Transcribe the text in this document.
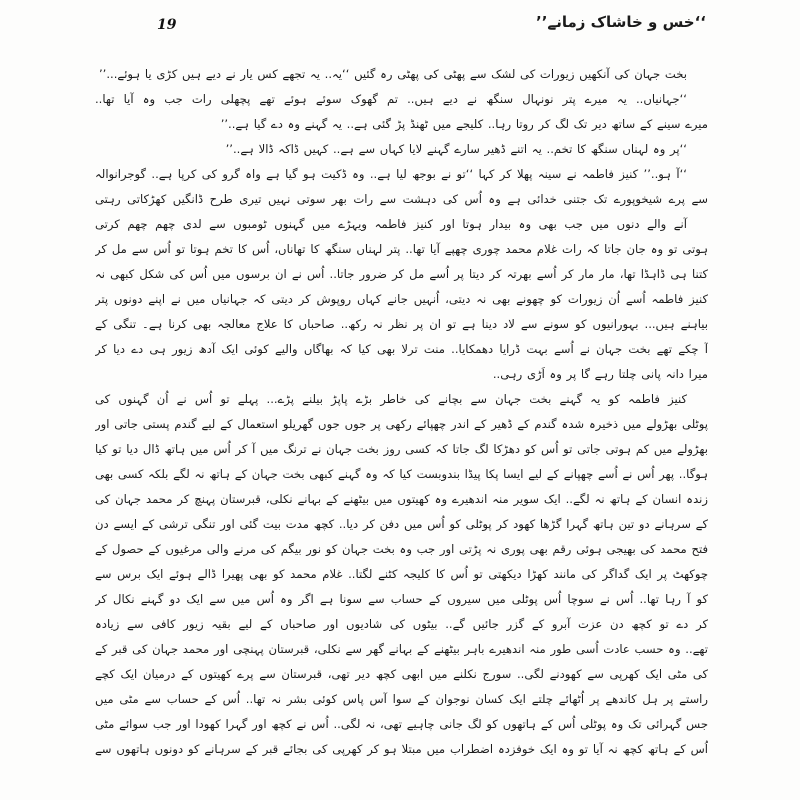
‘‘خس و خاشاک زمانے’’
19
بخت جہان کی آنکھیں زیورات کی لشک سے پھٹی کی پھٹی رہ گئیں ‘‘یہ.. یہ تجھے کس یار نے دیے ہیں کڑی یا ہوئے...’’
‘‘جہانیاں.. یہ میرے پتر نونہال سنگھ نے دیے ہیں.. تم گھوک سوئے ہوئے تھے پچھلی رات جب وہ آیا تھا..
میرے سینے کے ساتھ دیر تک لگ کر روتا رہا.. کلیجے میں ٹھنڈ پڑ گئی ہے.. یہ گہنے وہ دے گیا ہے..’’
‘‘پر وہ لہناں سنگھ کا تخم.. یہ اتنے ڈھیر سارے گہنے لایا کہاں سے ہے.. کہیں ڈاکہ ڈالا ہے..’’
‘‘آ ہو..’’ کنیز فاطمہ نے سینہ پھلا کر کہا ‘‘تو نے بوجھ لیا ہے.. وہ ڈکیت ہو گیا ہے واہ گرو کی کرپا ہے.. گوجرانوالہ
سے پرے شیخوپورے تک جتنی خدائی ہے وہ اُس کی دہشت سے رات بھر سوتی نہیں تیری طرح ڈانگیں کھڑکاتی رہتی
آنے والے دنوں میں جب بھی وہ بیدار ہوتا اور کنیز فاطمہ ویہڑے میں گہنوں ٹومبوں سے لدی چھم چھم کرتی
ہوتی تو وہ جان جاتا کہ رات غلام محمد چوری چھپے آیا تھا.. پتر لہناں سنگھ کا تھاناں، اُس کا تخم ہوتا تو اُس سے مل کر
کتنا ہی ڈاہڈا تھا، مار مار کر اُسے بھرتہ کر دیتا پر اُسے مل کر ضرور جاتا.. اُس نے ان برسوں میں اُس کی شکل کبھی نہ
کنیز فاطمہ اُسے اُن زیورات کو چھونے بھی نہ دیتی، اُنہیں جانے کہاں روپوش کر دیتی کہ جہانیاں میں نے اپنے دونوں پتر
بیاہنے ہیں... بہورانیوں کو سونے سے لاد دینا ہے تو ان پر نظر نہ رکھ.. صاحباں کا علاج معالجہ بھی کرنا ہے۔ تنگی کے
آ چکے تھے بخت جہان نے اُسے بہت ڈرایا دھمکایا.. منت ترلا بھی کیا کہ بھاگاں والیے کوئی ایک آدھ زیور ہی دے دیا کر
میرا دانہ پانی چلتا رہے گا پر وہ اَڑی رہی..
کنیز فاطمہ کو یہ گہنے بخت جہان سے بچانے کی خاطر بڑے پاپڑ بیلنے پڑے... پہلے تو اُس نے اُن گہنوں کی
پوٹلی بھڑولے میں ذخیرہ شدہ گندم کے ڈھیر کے اندر چھپائے رکھی پر جوں جوں گھریلو استعمال کے لیے گندم پستی جاتی اور
بھڑولے میں کم ہوتی جاتی تو اُس کو دھڑکا لگ جاتا کہ کسی روز بخت جہان نے ترنگ میں آ کر اُس میں ہاتھ ڈال دیا تو کیا
ہوگا.. پھر اُس نے اُسے چھپانے کے لیے ایسا پکا پیڈا بندوبست کیا کہ وہ گہنے کبھی بخت جہان کے ہاتھ نہ لگے بلکہ کسی بھی
زندہ انسان کے ہاتھ نہ لگے.. ایک سویر منہ اندھیرے وہ کھیتوں میں بیٹھنے کے بہانے نکلی، قبرستان پہنچ کر محمد جہان کی
کے سرہانے دو تین ہاتھ گہرا گڑھا کھود کر پوٹلی کو اُس میں دفن کر دیا.. کچھ مدت بیت گئی اور تنگی ترشی کے ایسے دن
فتح محمد کی بھیجی ہوئی رقم بھی پوری نہ پڑتی اور جب وہ بخت جہان کو نور بیگم کی مرنے والی مرغیوں کے حصول کے
چوکھٹ پر ایک گداگر کی مانند کھڑا دیکھتی تو اُس کا کلیجہ کٹنے لگتا.. غلام محمد کو بھی پھیرا ڈالے ہوئے ایک برس سے
کو آ رہا تھا.. اُس نے سوچا اُس پوٹلی میں سیروں کے حساب سے سونا ہے اگر وہ اُس میں سے ایک دو گہنے نکال کر
کر دے تو کچھ دن عزت آبرو کے گزر جائیں گے.. بیٹوں کی شادیوں اور صاحباں کے لیے بقیہ زیور کافی سے زیادہ
تھے.. وہ حسب عادت اُسی طور منہ اندھیرے باہر بیٹھنے کے بہانے گھر سے نکلی، قبرستان پہنچی اور محمد جہان کی قبر کے
کی مٹی ایک کھرپی سے کھودنے لگی.. سورج نکلنے میں ابھی کچھ دیر تھی، قبرستان سے پرے کھیتوں کے درمیان ایک کچے
راستے پر ہل کاندھے پر اُٹھائے چلتے ایک کسان نوجوان کے سوا آس پاس کوئی بشر نہ تھا.. اُس کے حساب سے مٹی میں
جس گہرائی تک وہ پوٹلی اُس کے ہاتھوں کو لگ جانی چاہیے تھی، نہ لگی.. اُس نے کچھ اور گہرا کھودا اور جب سوائے مٹی
اُس کے ہاتھ کچھ نہ آیا تو وہ ایک خوفزدہ اضطراب میں مبتلا ہو کر کھرپی کی بجائے قبر کے سرہانے کو دونوں ہاتھوں سے
